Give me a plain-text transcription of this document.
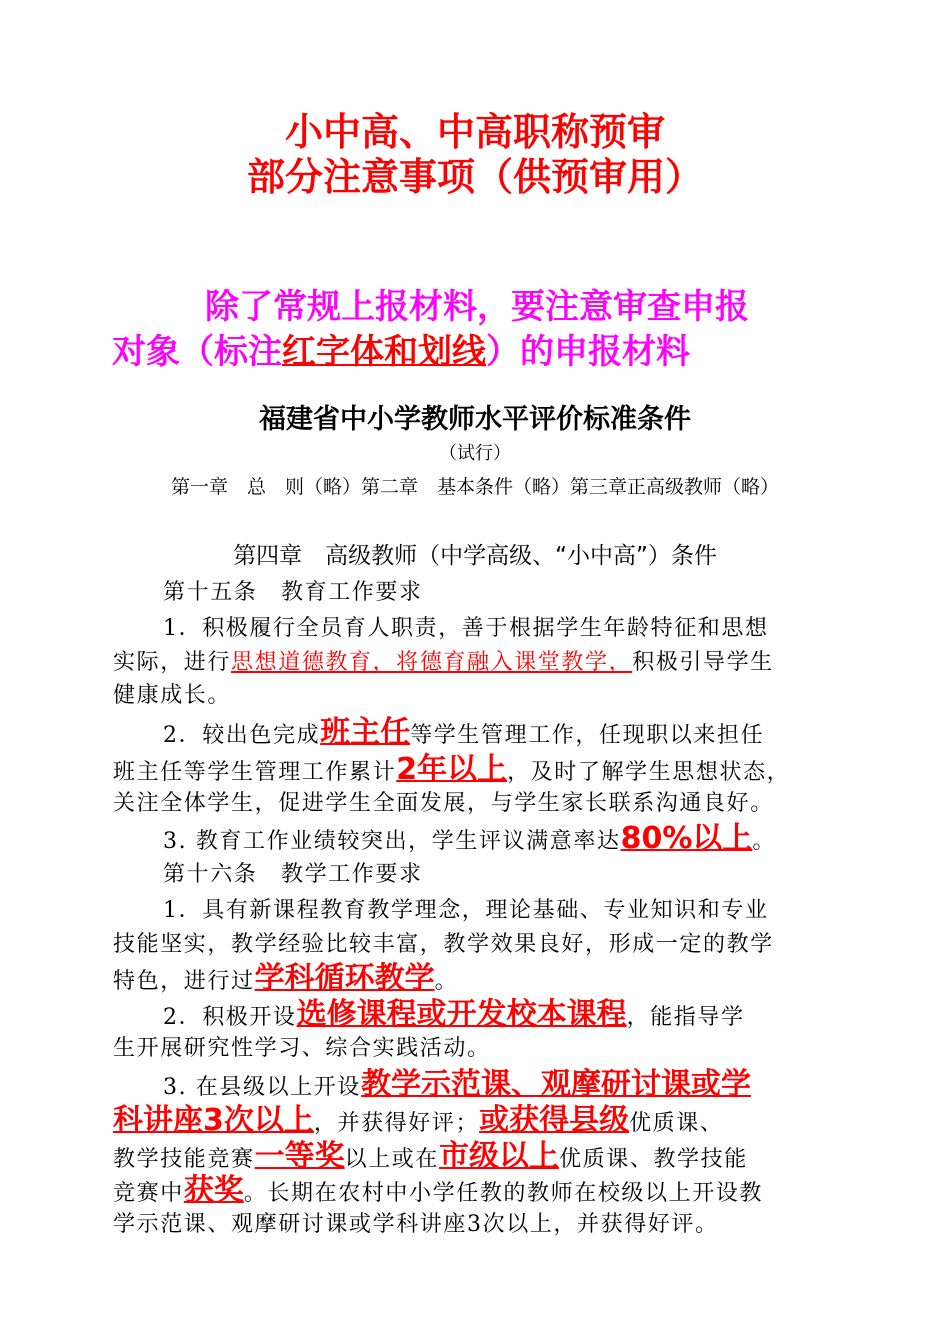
小中高、中高职称预审
部分注意事项（供预审用）
除了常规上报材料，要注意审查申报
对象（标注红字体和划线）的申报材料
福建省中小学教师水平评价标准条件
（试行）
第一章　总　则（略）第二章　基本条件（略）第三章正高级教师（略）
第四章　高级教师（中学高级、“小中高”）条件
第十五条　教育工作要求
1．积极履行全员育人职责，善于根据学生年龄特征和思想
实际，进行思想道德教育，将德育融入课堂教学，积极引导学生
健康成长。
2．较出色完成班主任等学生管理工作，任现职以来担任
班主任等学生管理工作累计2年以上，及时了解学生思想状态，
关注全体学生，促进学生全面发展，与学生家长联系沟通良好。
3. 教育工作业绩较突出，学生评议满意率达80%以上。
第十六条　教学工作要求
1．具有新课程教育教学理念，理论基础、专业知识和专业
技能坚实，教学经验比较丰富，教学效果良好，形成一定的教学
特色，进行过学科循环教学。
2．积极开设选修课程或开发校本课程，能指导学
生开展研究性学习、综合实践活动。
3. 在县级以上开设教学示范课、观摩研讨课或学
科讲座3次以上，并获得好评；或获得县级优质课、
教学技能竞赛一等奖以上或在市级以上优质课、教学技能
竞赛中获奖。长期在农村中小学任教的教师在校级以上开设教
学示范课、观摩研讨课或学科讲座3次以上，并获得好评。
